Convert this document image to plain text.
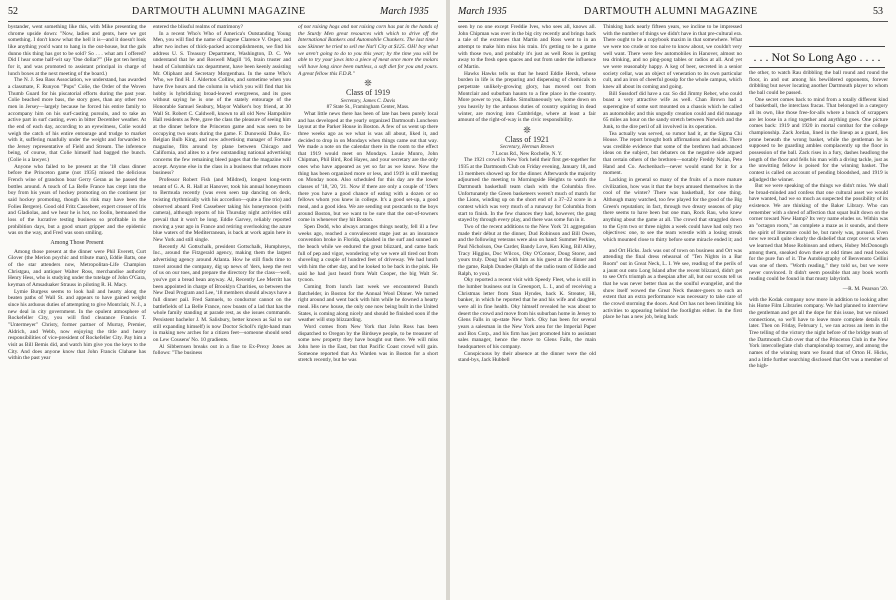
52	DARTMOUTH ALUMNI MAGAZINE	March 1935	March 1935	DARTMOUTH ALUMNI MAGAZINE	53

bystander, went something like this, with Mike presenting the chrome upside down: "Now, ladies and gents, here we got something. I don't know what the hell it is—and it doesn't look like anything you'd want to hang in the out-house, but the gals dunno this thing has got to be sold? So . . . what am I offered? Did I hear some half-wit say 'One dollar?'" (He got ten herring for it, and was promoted to assistant principal in charge of lunch boxes at the next meeting of the board.)

The N. J. Sea Bass Association, we understand, has awarded a classmate, F. Runyon "Pups" Colie, the Order of the Woven Thumb Guard for his piscatorial efforts during the past year. Colie beached more bass, the story goes, than any other two men in Jersey—largely because he forced his entire family to accompany him on his surf-casting pursuits, and to take an active part in surf casting, even in bitter December weather. At the end of each day, according to an eyewitness, Colie would weigh the catch of his entire entourage and trudge to market with it, suffering manfully under the weight and forwarded to the Jersey representative of Field and Stream. The inference being, of course, that Colie himself had bagged the bunch. (Colie is a lawyer.)

Anyone who failed to be present at the '18 class dinner before the Princeton game (not 1935) missed the delicious French wine of grandson boar Gerry Geran as he passed the bottles around. A touch of La Belle France has crept into the boy from his years of hockey promoting on the continent (or said hockey promoting, though his rink may have been the Folies Bergere). Good old Fritz Cassebeer, expert crosser of Iris and Gladiolas, and we hear he is hot, no foolin, bemoaned the loss of the lucrative testing business so profitable in the prohibition days, but a good smart gripper and the epidemic was on the way, and Fred was soon smiling.

Among Those Present

Among those present at the dinner were Phil Everett, Curt Glover (the Merion psychic and tribute man), Eddie Batts, one of the star attenders now, Metropolitan-Life Champion Christgau, and antiquer Walter Ross, merchandise authority Henry Hess, who is studying under the tutelage of John O'Gara, keyman of Amsaduaker Strauss in piloting R. H. Macy.

Lymie Burgess seems to look hail and hearty along the beaten paths of Wall St. and appears to have gained weight since his arduous duties of attempting to give Montclair, N. J., a new deal in city government. In the opulent atmosphere of Rockefeller City, you will find clearance Francis T. "Untermeyer" Christy, former partner of Murray, Premier, Aldrich, and Webb, now enjoying the title and heavy responsibilities of vice-president of Rockefeller City. Pay him a visit as Bill Bemis did, and watch him give you the keys to the City. And does anyone know that John Francis Clahane has within the past year

entered the blissful realms of matrimony?

In a recent Who's Who of America's Outstanding Young Men, you will find the name of Eugene Clarence V. Osper, and after two inches of thick-packed accomplishments, we find his address U. S. Treasury Department, Washington, D. C. We understand that he and Roswell Magill '16, brain truster and head of Columbia's tax department, have been keenly assisting Mr. Oliphant and Secretary Morgenthau. In the same Who's Who, we find H. J. Alderton Collins, and sometime when you have five hours and the column in which you will find that his hobby is hybridizing broad-leaved evergreens, and its goes without saying he is one of the stately entourage of the Honorable Samuel Seabury, Mayor Walker's boy friend, at 30 Wall St. Robert C. Caldwell, known to all old New Hampshire Hall residents as Pete, gave the class the pleasure of seeing him at the dinner before the Princeton game and was seen to be occupying two seats during the game. F. Dunowski Duke, Ex-Belgian Bulb King, and now advertising manager of Fortune magazine, flits around by plane between Chicago and California, and alites to a few outstanding national advertising concerns the few remaining bleed pages that the magazine will accept. Anyone else in the class in a business that refuses more business?

Professor Robert Fish (and Mildred), longest long-term tenant of G. A. R. Hall at Hanover, took his annual honeymoon to Bermuda recently (was even seen tap dancing on deck, twisting rhythmically with his accordion—quite a fine trio) and observed aboard Fred Cassebeer taking his honeymoon (with camera), although reports of his Thursday night activities still prevail that it won't be long. Eddie Garvey, reliably reported moving a year ago in France and retiring overlooking the azure blue waters of the Mediterranean, is back at work again here in New York and still single.

Recently Al Gottschalk, president Gottschalk, Humphreys, Inc., around the Fitzgerald agency, making them the largest advertising agency around Atlanta. How he still finds time to travel around the company, dig up news of 'ders, keep the rest of us on our toes, and prepare the directory for the class—well, you've got a bread bean anyway. Al, Recently Lee Merritt has been appointed in charge of Brooklyn Charities, so between the New Deal Program and Lee, '18 members should always have a full dinner pail. Fred Samuels, to conductor cannot on the battlefields of La Belle France, now boasts of a lad that has the whole family standing at parade rest, as she issues commands. Persistent bachelor J. M. Salisbury, better known as Sal to our still expanding himself) is now Doctor Scholl's right-hand man in making new arches for a citizen feet—someone should send on Lew Cousens' No. 10 gradients.

Al Sibbernsen breaks out in a fine to Ex-Prexy Jones as follows: "The business

of not raising hogs and not raising corn has put in the hands of the Sturdy Men great resources with which to drive off the International Bankers and Automobile Chunkers. The last time I saw Skinner he tried to sell me Nat'l City at $125. OH! boy what we aren't going to do to you this year; by the time you will be able to try your jaws into a piece of meat once more the molars will have long since been nuttless, a soft diet for you and yours. A great fellow this F.D.R."

❊

Class of 1919

Secretary, James C. Davis

87 State St., Framingham Center, Mass.

What little news there has been of late has been purely local and has developed at the yearly organized Dartmouth Luncheon layout at the Parker House in Boston. A few of us went up there three weeks ago as we what is was all about, liked it, and decided to drop in on Mondays when things came out that way. We made a note on the calendar there in the room to the effect that 1919 would meet on Mondays. Louie Munro, John Chipman, Phil Bird, Rod Hayes, and your secretary are the only ones who have appeared as yet so far as we know. Now the thing has been organized more or less, and 1919 is still meeting on Monday noon. Also scheduled for this day are the lower classes of '18, '20, '21. Now if there are only a couple of '19ers there you have a good chance of eating with a dozen or so fellows whom you knew in college. It's a good set-up, a good meal, and a good idea. We are sending out postcards to the boys around Boston, but we want to be sure that the out-of-towners come in whenever they hit Boston.

Spen Dodd, who always arranges things neatly, fell ill a few weeks ago, reached a convalescent stage just as an insurance convention broke in Florida, splashed in the surf and sunned on the beach while we endured the great blizzard, and came back full of pep and vigor, wondering why we were all tired out from shoveling a couple of hundred feet of driveway. We had lunch with him the other day, and he looked to be back in the pink. He said he had just heard from Walt Cooper, the big Walt Sr. tycoon.

Coming from lunch last week we encountered Bunch Batchelder, in Boston for the Annual Wool Dinner. We turned right around and went back with him while he downed a hearty meal. His new house, the only one now being built in the United States, is coming along nicely and should be finished soon if the weather will stop blizzarding.

Word comes from New York that John Ross has been dispatched to Oregon by the Birdseye people, to be treasurer of some new property they have bought out there. We will miss John here in the East, but that Pacific Coast crowd will gain. Someone reported that Ax Warden was in Boston for a short stretch recently, but he was

seen by no one except Freddie Ives, who sees all, knows all. John Chipman was over in the big city recently and brings back a tale of the extremes that Martin and Ross went to in an attempt to make him miss his train. It's getting to be a game with those two, and probably it's just as well Ross is getting away to the fresh open spaces and out from under the influence of Martin.

Hawks Hawks tells us that he heard Eddie Hersh, whose burden in life is the preparing and dispensing of chemicals to perpetrate unlikely-growing glory, has moved out from Montclair and suburban haunts to a fine place in the country. More power to you, Eddie. Simultaneously we, home down on you heavily by the arduous duties of country squiring in dead winter, are moving into Cambridge, where at least a fair amount of the right-of-way is the civic responsibility.

❊

Class of 1921

Secretary, Herman Brown

7 Locus Rd., New Rochelle, N. Y.

The 1921 crowd in New York held their first get-together for 1935 at the Dartmouth Club on Friday evening, January 18, and 13 members showed up for the dinner. Afterwards the majority adjourned the meeting to Morningside Heights to watch the Dartmouth basketball team clash with the Columbia five. Unfortunately the Green basketeers weren't much of match for the Lions, winding up on the short end of a 37–22 score in a contest which was very much of a runaway for Columbia from start to finish. In the few chances they had, however, the gang stayed by through every play, and there was some fun in it.

Two of the recent additions to the New York '21 aggregation made their début at the dinner, Dud Robinson and Bill Owen, and the following veterans were also on hand: Summer Perkins, Paul Nicholson, Ose Carder, Bandy Love, Ken King, Bill Alley, Tracy Higgins, Doc Wilcox, Oky O'Connor, Doug Storer, and yours truly. Doug had with him as his guest at the dinner and the game, Ralph Dundee (Ralph of the radio team of Eddie and Ralph, to you).

Oky reported a recent visit with Speedy Fleet, who is still in the lumber business out in Greenport, L. I., and of receiving a Christmas letter from Stan Hyndes, back K. Streater, Hi, banker, in which he reported that he and his wife and daughter were all in fine health. Oky himself revealed he was about to desert the crowd and move from his suburban home in Jersey to Glens Falls in up-state New York. Oky has been for several years a salesman in the New York area for the Imperial Paper and Box Corp., and his firm has just promoted him to assistant sales manager, hence the move to Glens Falls, the main headquarters of his company.

Conspicuous by their absence at the dinner were the old stand-bys, Jack Hubbell

. . . Not So Long Ago . . . .

Thinking back nearly fifteen years, we incline to be impressed with the number of things we didn't have in that pre-cultural era. There ought to be a copybook maxim in that somewhere. What we were too crude or too naive to know about, we couldn't very well want. There were few automobiles in Hanover, almost no tea drinking, and no ping-pong tables or radios at all. And yet we were reasonably happy. A keg of beer, secreted in a senior society cellar, was an object of veneration to its own particular cult, and an iron of cheerful gossip for the whole campus, which knew all about its coming and going.

Bill Sussdorf did have a car. So did Jimmy Reber, who could boast a very attractive wife as well. Chan Brown had a superengine of some sort mounted on a chassis which he called an automobile; and this ungodly creation could and did manage 65 miles an hour on the sandy stretch between Norwich and the Junk, to the dire peril of all involved in its operation.

Tea actually was served, so rumor had it, at the Sigma Chi House. The report brought both affirmations and denials. There was credible evidence that some of the brethren had advanced ideas on the subject, but debaters on the negative side argued that certain others of the brethren—notably Freddy Nolan, Pete Hand and Co. Aschenbach—never would stand for it for a moment.

Lacking in general so many of the fruits of a more mature civilization, how was it that the boys amused themselves in the cool of the winter? There was basketball, for one thing. Although many watched, too few played for the good of the Big Green's reputation; in fact, through two dreary seasons of play there seems to have been but one man, Rock Rau, who knew anything about the game at all. The crowd that straggled down to the Gym two or three nights a week could have had only two objectives: one, to see the team wrestle with a losing streak which mounted close to thirty before some miracle ended it; and

and Ort Hicks. Jack was out of town on business and Ort was attending the final dress rehearsal of "Ten Nights in a Bar Room" out in Great Neck, L. I. We see, reading of the perils of a jaunt out onto Long Island after the recent blizzard, didn't get to see Ort's triumph as a thespian after all, but our scouts tell us that he was never better than as the soulful evangelist, and the show itself wowed the Great Neck theater-goers to such an extent that an extra performance was necessary to take care of the crowd storming the doors. And Ort has not been limiting his activities to appearing behind the footlights either. In the first place he has a new job, being back

the other, to watch Rau dribbling the ball round and round the floor, in and out among his bewildered opponents, forever dribbling but never locating another Dartmouth player to whom the ball could be passed.

One secret comes back to mind from a totally different kind of basketball, the interclass fracas. That belonged in a category all its own, like those free-for-alls where a bunch of scrappers are let loose in a ring together and anything goes. One picture comes back: 1919 and 1920 in mortal combat for the college championship. Zack Jordan, lined in the lineup as a guard, lies prone beneath the wrong basket, while the gentleman he is supposed to be guarding ambles complacently up the floor in possession of the ball. Zack rises in a fury, dashes headlong the length of the floor and fells his man with a diving tackle, just as the unwitting fellow is poised for the winning basket. The contest is called on account of pending bloodshed, and 1919 is adjudged the winner.

But we were speaking of the things we didn't miss. We shall be broad-minded and confess that one cultural asset we would have wanted, had we so much as suspected the possibility of its existence. We are thinking of the Baker Library. Who can remember with a shred of affection that squat built down on the corner toward New Hamp? Its very name eludes us. Within was an "octagon room," an complete a maze as it sounds, and there the spirit of literature could be, but rarely was, pursued. Even now we recall quite clearly the disbelief that crept over us when we learned that Mose Robinson and others, Hubey McDonough among them, sneaked down there at odd times and read books for the pure fun of it. The Autobiography of Benvenuto Cellini was one of them. "Worth reading," they told us, but we were never convinced. It didn't seem possible that any book worth reading could be found in that musty labyrinth.

—R. M. Pearson '20.

with the Kodak company now more in addition to looking after his Home Film Libraries company. We had planned to interview the gentleman and get all the dope for this issue, but we missed connections, so we'll have to leave more complete details till later. Then on Friday, February 1, we ran across an item in the Tree telling of the victory the night before of the bridge team of the Dartmouth Club over that of the Princeton Club in the New York intercollegiate club championship tourney, and among the names of the winning team we found that of Orton H. Hicks, and a little further searching disclosed that Ort was a member of the high-
